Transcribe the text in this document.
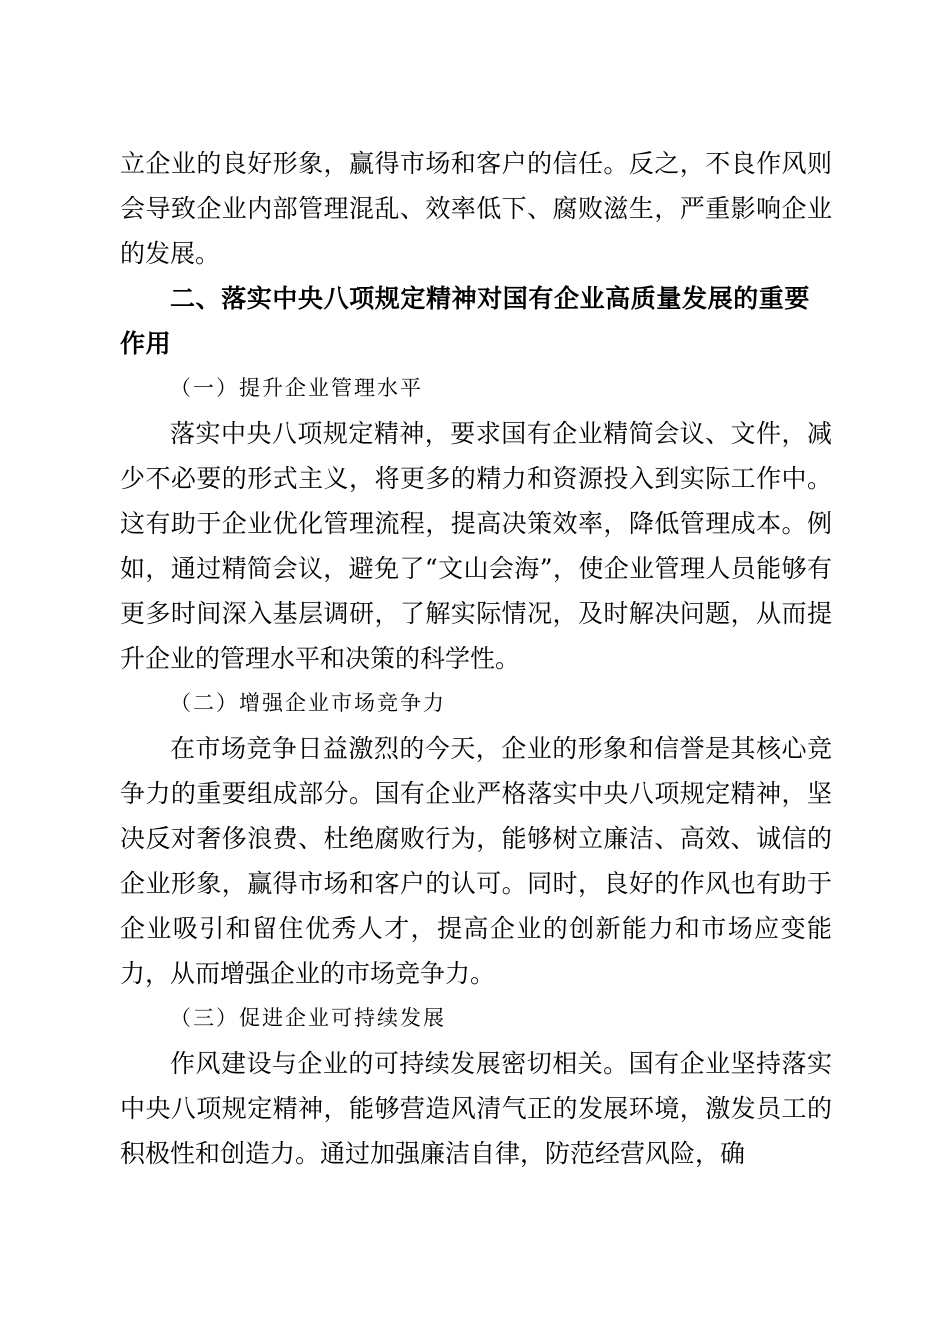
立企业的良好形象，赢得市场和客户的信任。反之，不良作风则会导致企业内部管理混乱、效率低下、腐败滋生，严重影响企业的发展。

二、落实中央八项规定精神对国有企业高质量发展的重要作用

（一）提升企业管理水平

落实中央八项规定精神，要求国有企业精简会议、文件，减少不必要的形式主义，将更多的精力和资源投入到实际工作中。这有助于企业优化管理流程，提高决策效率，降低管理成本。例如，通过精简会议，避免了“文山会海”，使企业管理人员能够有更多时间深入基层调研，了解实际情况，及时解决问题，从而提升企业的管理水平和决策的科学性。

（二）增强企业市场竞争力

在市场竞争日益激烈的今天，企业的形象和信誉是其核心竞争力的重要组成部分。国有企业严格落实中央八项规定精神，坚决反对奢侈浪费、杜绝腐败行为，能够树立廉洁、高效、诚信的企业形象，赢得市场和客户的认可。同时，良好的作风也有助于企业吸引和留住优秀人才，提高企业的创新能力和市场应变能力，从而增强企业的市场竞争力。

（三）促进企业可持续发展

作风建设与企业的可持续发展密切相关。国有企业坚持落实中央八项规定精神，能够营造风清气正的发展环境，激发员工的积极性和创造力。通过加强廉洁自律，防范经营风险，确
